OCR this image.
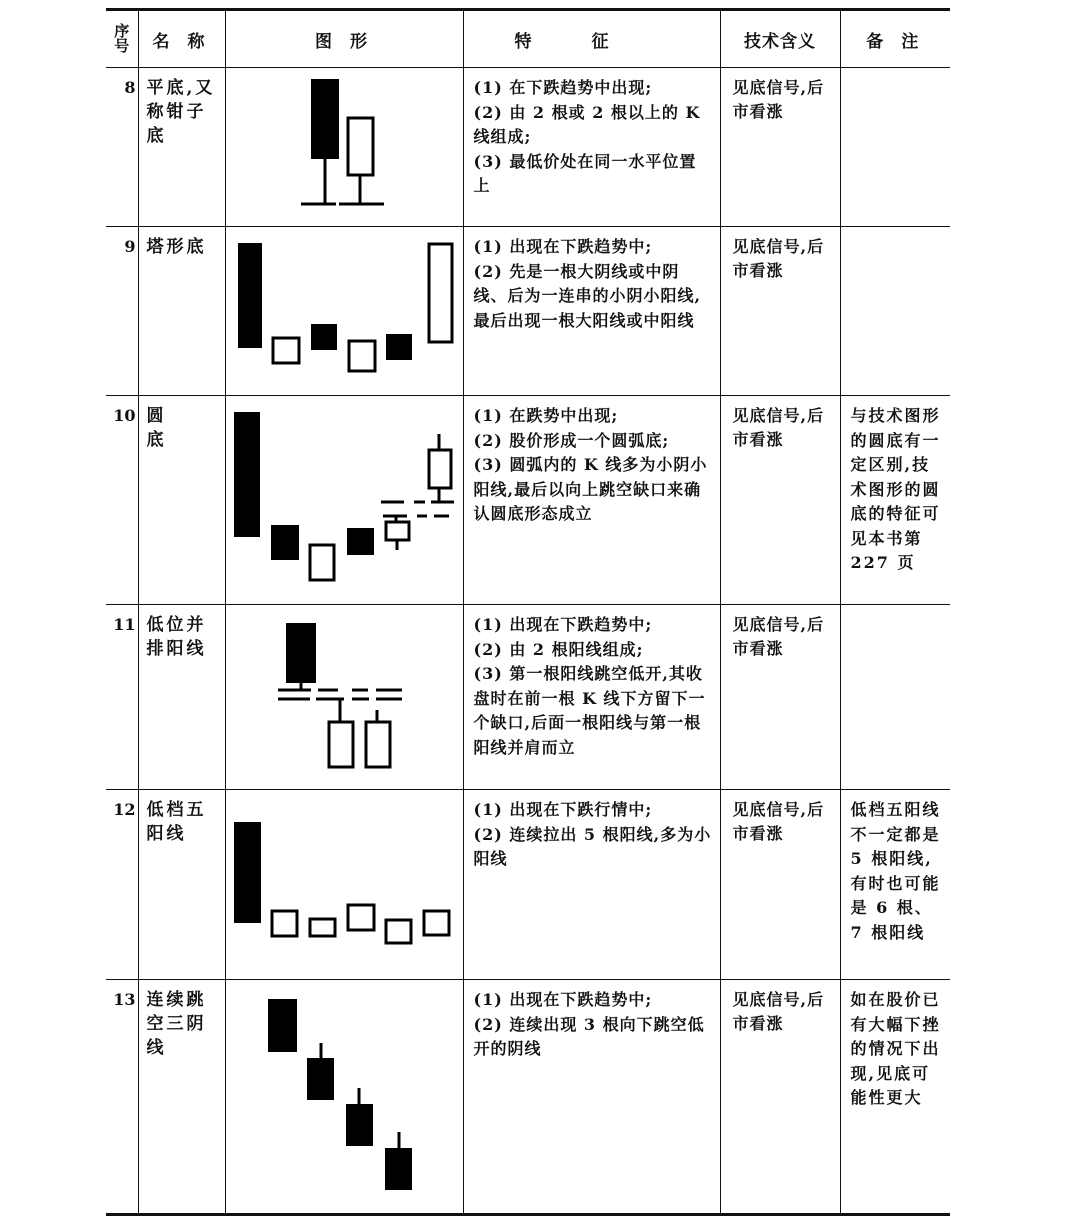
序
号	名 称	图 形	特征	技术含义	备 注
8	平底,又称钳子底		(1) 在下跌趋势中出现;
(2) 由 2 根或 2 根以上的 K 线组成;
(3) 最低价处在同一水平位置上	见底信号,后市看涨	
9	塔形底		(1) 出现在下跌趋势中;
(2) 先是一根大阴线或中阴线、后为一连串的小阴小阳线,最后出现一根大阳线或中阳线	见底信号,后市看涨	
10	圆 底		(1) 在跌势中出现;
(2) 股价形成一个圆弧底;
(3) 圆弧内的 K 线多为小阴小阳线,最后以向上跳空缺口来确认圆底形态成立	见底信号,后市看涨	与技术图形的圆底有一定区别,技术图形的圆底的特征可见本书第 227 页
11	低位并排阳线		(1) 出现在下跌趋势中;
(2) 由 2 根阳线组成;
(3) 第一根阳线跳空低开,其收盘时在前一根 K 线下方留下一个缺口,后面一根阳线与第一根阳线并肩而立	见底信号,后市看涨	
12	低档五阳线		(1) 出现在下跌行情中;
(2) 连续拉出 5 根阳线,多为小阳线	见底信号,后市看涨	低档五阳线不一定都是 5 根阳线,有时也可能是 6 根、7 根阳线
13	连续跳空三阴线		(1) 出现在下跌趋势中;
(2) 连续出现 3 根向下跳空低开的阴线	见底信号,后市看涨	如在股价已有大幅下挫的情况下出现,见底可能性更大
